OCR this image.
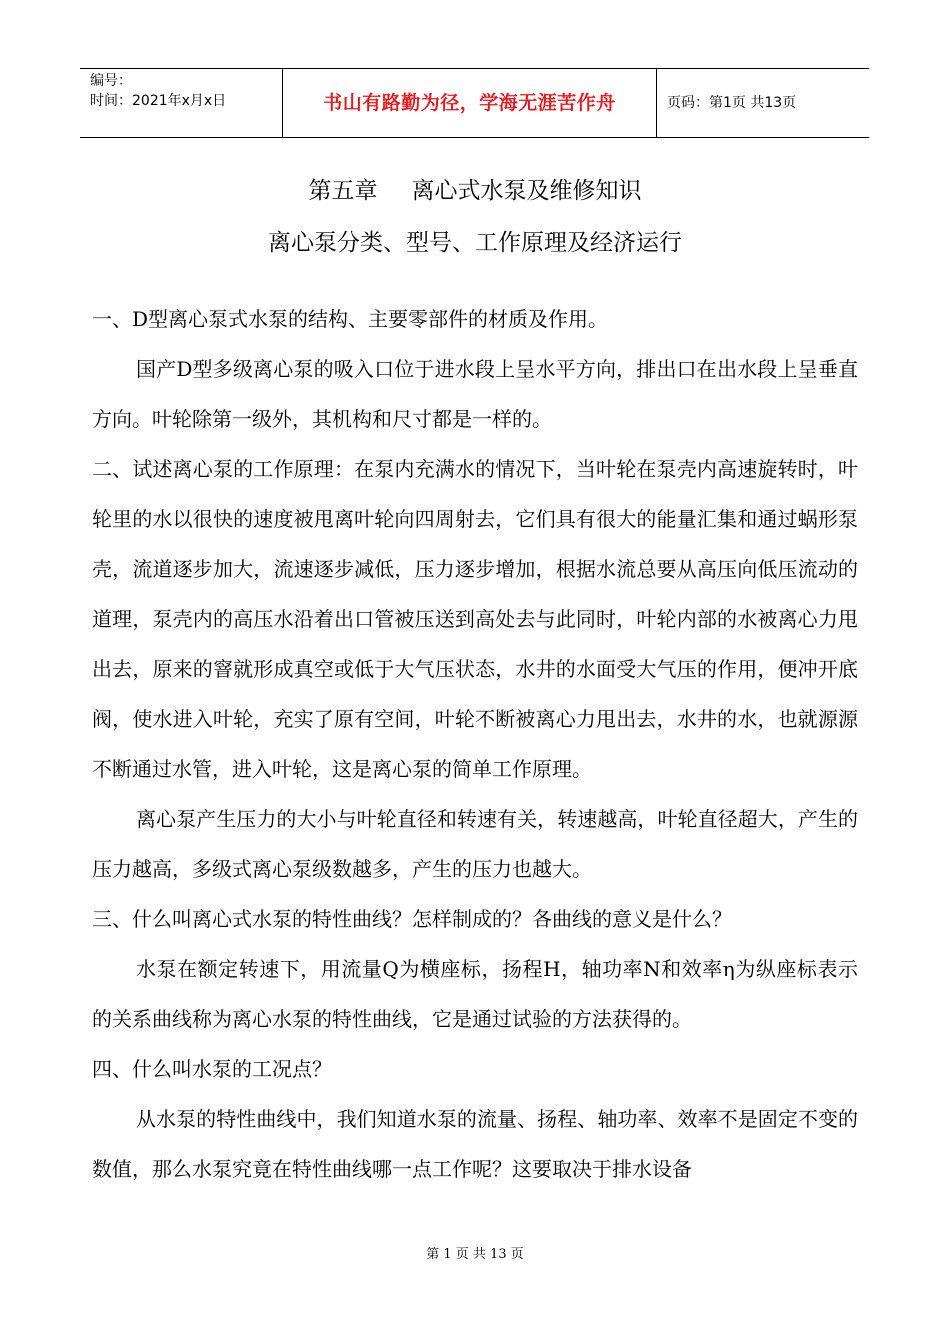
编号：
时间：2021年x月x日	书山有路勤为径，学海无涯苦作舟	页码：第1页 共13页
第五章 离心式水泵及维修知识
离心泵分类、型号、工作原理及经济运行

一、D型离心泵式水泵的结构、主要零部件的材质及作用。

国产D型多级离心泵的吸入口位于进水段上呈水平方向，排出口在出水段上呈垂直方向。叶轮除第一级外，其机构和尺寸都是一样的。

二、试述离心泵的工作原理：在泵内充满水的情况下，当叶轮在泵壳内高速旋转时，叶轮里的水以很快的速度被甩离叶轮向四周射去，它们具有很大的能量汇集和通过蜗形泵壳，流道逐步加大，流速逐步减低，压力逐步增加，根据水流总要从高压向低压流动的道理，泵壳内的高压水沿着出口管被压送到高处去与此同时，叶轮内部的水被离心力甩出去，原来的窨就形成真空或低于大气压状态，水井的水面受大气压的作用，便冲开底阀，使水进入叶轮，充实了原有空间，叶轮不断被离心力甩出去，水井的水，也就源源不断通过水管，进入叶轮，这是离心泵的简单工作原理。

离心泵产生压力的大小与叶轮直径和转速有关，转速越高，叶轮直径超大，产生的压力越高，多级式离心泵级数越多，产生的压力也越大。

三、什么叫离心式水泵的特性曲线？怎样制成的？各曲线的意义是什么？

水泵在额定转速下，用流量Q为横座标，扬程H，轴功率N和效率η为纵座标表示的关系曲线称为离心水泵的特性曲线，它是通过试验的方法获得的。

四、什么叫水泵的工况点？

从水泵的特性曲线中，我们知道水泵的流量、扬程、轴功率、效率不是固定不变的数值，那么水泵究竟在特性曲线哪一点工作呢？这要取决于排水设备

第 1 页 共 13 页
